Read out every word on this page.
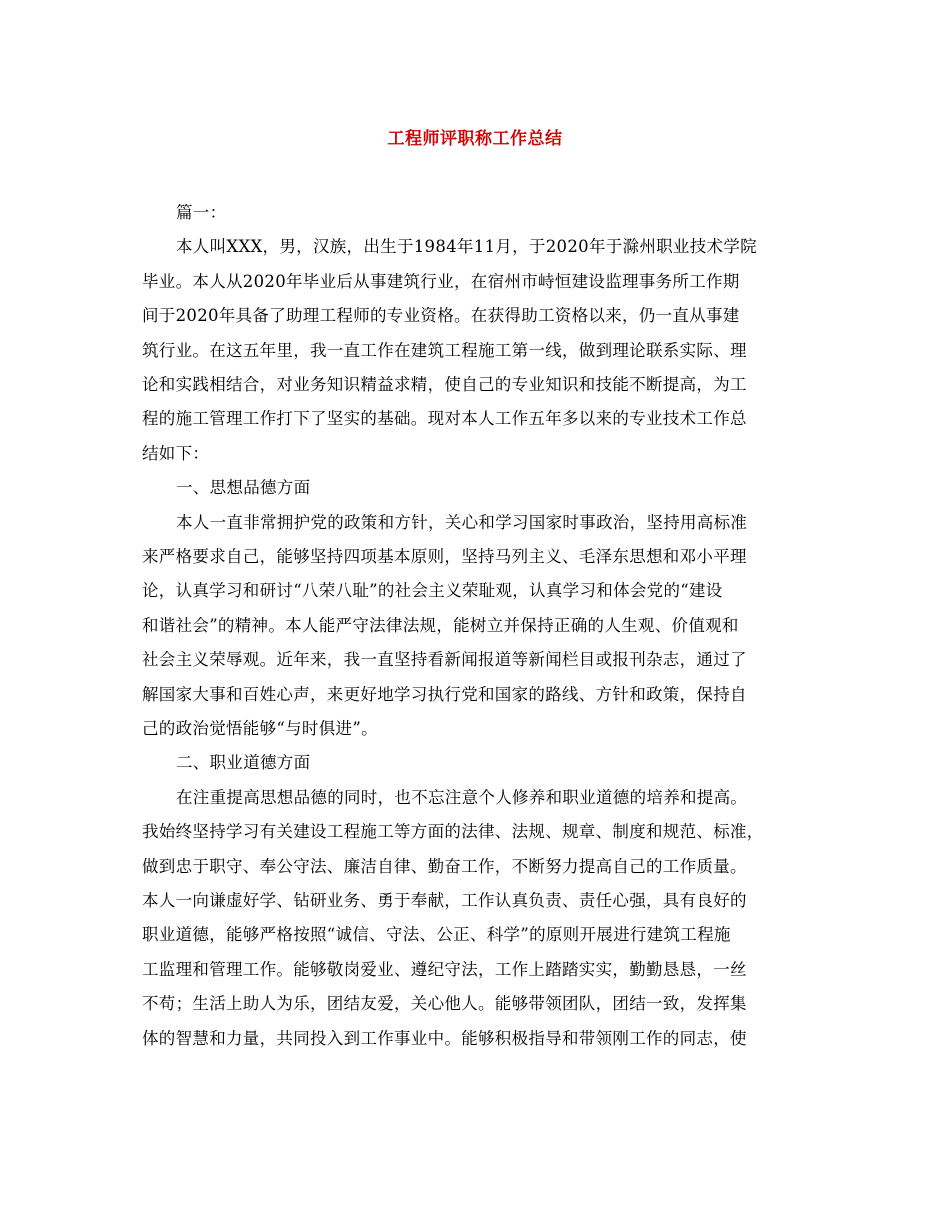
工程师评职称工作总结
篇一：
本人叫XXX，男，汉族，出生于1984年11月，于2020年于滁州职业技术学院
毕业。本人从2020年毕业后从事建筑行业，在宿州市峙恒建设监理事务所工作期
间于2020年具备了助理工程师的专业资格。在获得助工资格以来，仍一直从事建
筑行业。在这五年里，我一直工作在建筑工程施工第一线，做到理论联系实际、理
论和实践相结合，对业务知识精益求精，使自己的专业知识和技能不断提高，为工
程的施工管理工作打下了坚实的基础。现对本人工作五年多以来的专业技术工作总
结如下：
一、思想品德方面
本人一直非常拥护党的政策和方针，关心和学习国家时事政治，坚持用高标准
来严格要求自己，能够坚持四项基本原则，坚持马列主义、毛泽东思想和邓小平理
论，认真学习和研讨“八荣八耻”的社会主义荣耻观，认真学习和体会党的“建设
和谐社会”的精神。本人能严守法律法规，能树立并保持正确的人生观、价值观和
社会主义荣辱观。近年来，我一直坚持看新闻报道等新闻栏目或报刊杂志，通过了
解国家大事和百姓心声，来更好地学习执行党和国家的路线、方针和政策，保持自
己的政治觉悟能够“与时俱进”。
二、职业道德方面
在注重提高思想品德的同时，也不忘注意个人修养和职业道德的培养和提高。
我始终坚持学习有关建设工程施工等方面的法律、法规、规章、制度和规范、标准，
做到忠于职守、奉公守法、廉洁自律、勤奋工作，不断努力提高自己的工作质量。
本人一向谦虚好学、钻研业务、勇于奉献，工作认真负责、责任心强，具有良好的
职业道德，能够严格按照“诚信、守法、公正、科学”的原则开展进行建筑工程施
工监理和管理工作。能够敬岗爱业、遵纪守法，工作上踏踏实实，勤勤恳恳，一丝
不苟；生活上助人为乐，团结友爱，关心他人。能够带领团队，团结一致，发挥集
体的智慧和力量，共同投入到工作事业中。能够积极指导和带领刚工作的同志，使
